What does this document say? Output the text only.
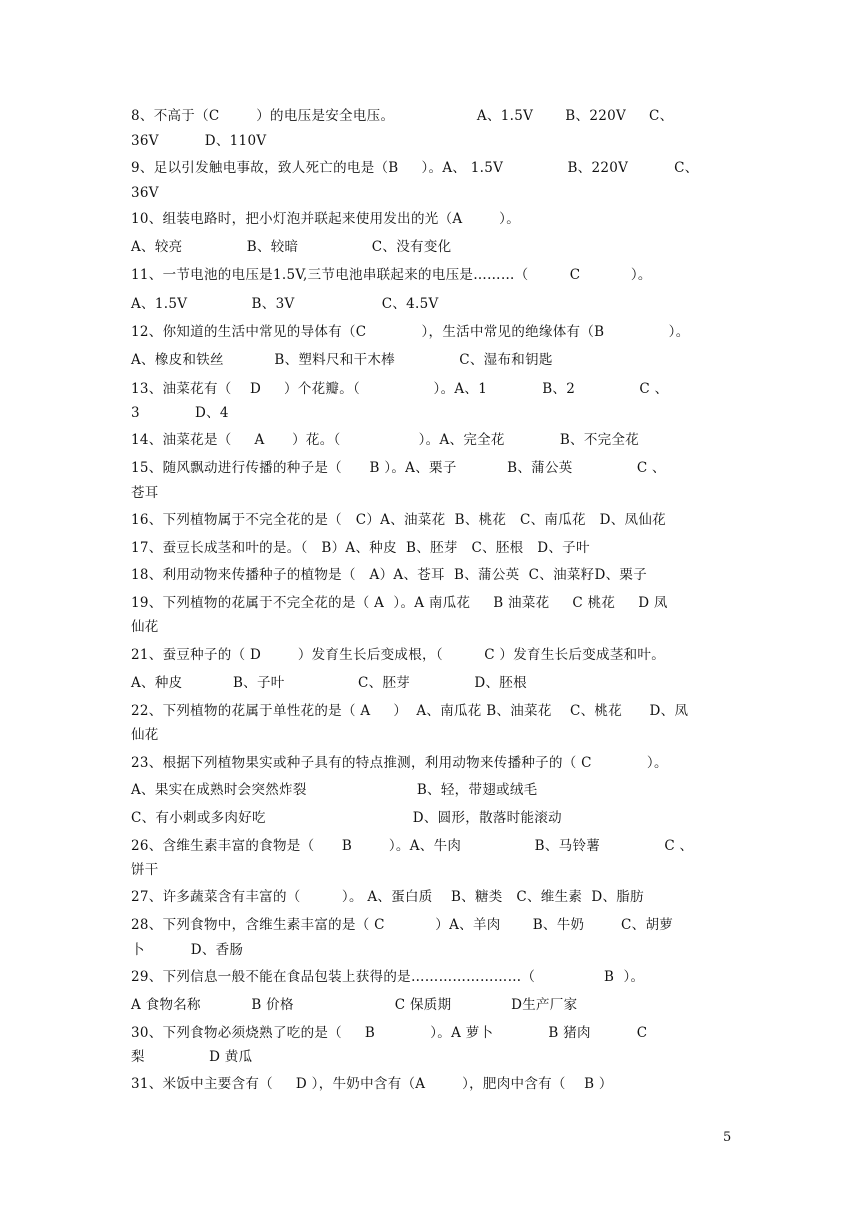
8、不高于（C        ）的电压是安全电压。                  A、1.5V       B、220V     C、
36V          D、110V
9、足以引发触电事故，致人死亡的电是（B     ）。A、 1.5V              B、220V          C、
36V
10、组装电路时，把小灯泡并联起来使用发出的光（A        ）。
A、较亮              B、较暗                C、没有变化
11、一节电池的电压是1.5V,三节电池串联起来的电压是………（         C           ）。
A、1.5V              B、3V                   C、4.5V
12、你知道的生活中常见的导体有（C            ），生活中常见的绝缘体有（B              ）。
A、橡皮和铁丝           B、塑料尺和干木棒              C、湿布和钥匙
13、油菜花有（    D     ）个花瓣。（                ）。A、1            B、2              C 、
3            D、4
14、油菜花是（     A      ）花。（                 ）。A、完全花            B、不完全花
15、随风飘动进行传播的种子是（      B ）。A、栗子           B、蒲公英              C 、
苍耳
16、下列植物属于不完全花的是（   C）A、油菜花  B、桃花   C、南瓜花   D、凤仙花
17、蚕豆长成茎和叶的是。（   B）A、种皮  B、胚芽   C、胚根   D、子叶
18、利用动物来传播种子的植物是（   A）A、苍耳  B、蒲公英  C、油菜籽D、栗子
19、下列植物的花属于不完全花的是（ A  ）。A 南瓜花     B 油菜花     C 桃花     D 凤
仙花
21、蚕豆种子的（ D        ）发育生长后变成根，（         C ）发育生长后变成茎和叶。
A、种皮           B、子叶                C、胚芽              D、胚根
22、下列植物的花属于单性花的是（ A     ）  A、南瓜花 B、油菜花    C、桃花      D、凤
仙花
23、根据下列植物果实或种子具有的特点推测，利用动物来传播种子的（ C            ）。
A、果实在成熟时会突然炸裂                        B、轻，带翅或绒毛
C、有小刺或多肉好吃                                D、圆形，散落时能滚动
26、含维生素丰富的食物是（      B        ）。A、牛肉                B、马铃薯              C 、
饼干
27、许多蔬菜含有丰富的（         ）。 A、蛋白质    B、糖类   C、维生素  D、脂肪
28、下列食物中，含维生素丰富的是（ C           ）A、羊肉       B、牛奶        C、胡萝
卜          D、香肠
29、下列信息一般不能在食品包装上获得的是……………………（               B  ）。
A 食物名称           B 价格                      C 保质期             D生产厂家
30、下列食物必须烧熟了吃的是（     B            ）。A 萝卜            B 猪肉          C
梨              D 黄瓜
31、米饭中主要含有（     D ），牛奶中含有（A        ），肥肉中含有（    B ）
5
